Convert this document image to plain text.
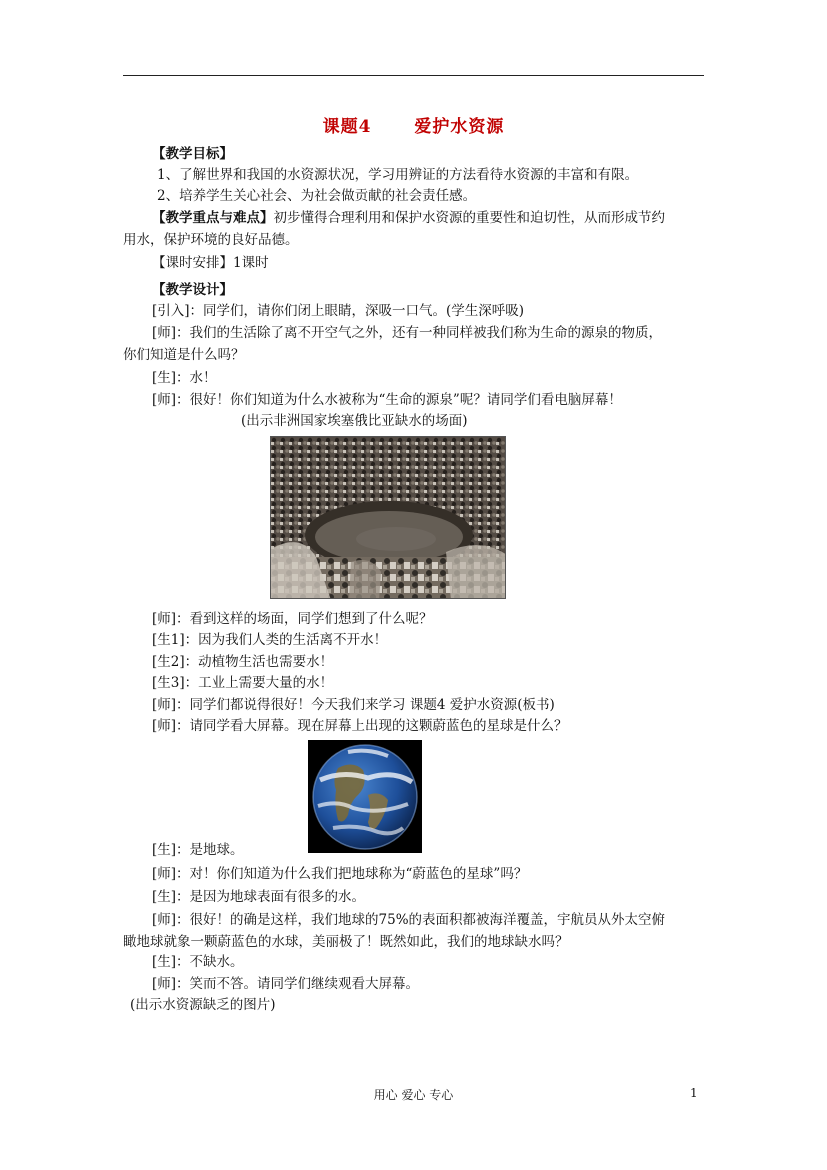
课题4	爱护水资源
【教学目标】
1、了解世界和我国的水资源状况，学习用辨证的方法看待水资源的丰富和有限。
2、培养学生关心社会、为社会做贡献的社会责任感。
【教学重点与难点】初步懂得合理利用和保护水资源的重要性和迫切性，从而形成节约
用水，保护环境的良好品德。
【课时安排】1课时
【教学设计】
[引入]：同学们，请你们闭上眼睛，深吸一口气。(学生深呼吸)
[师]：我们的生活除了离不开空气之外，还有一种同样被我们称为生命的源泉的物质，
你们知道是什么吗？
[生]：水！
[师]：很好！你们知道为什么水被称为“生命的源泉”呢？请同学们看电脑屏幕！
(出示非洲国家埃塞俄比亚缺水的场面)
[师]：看到这样的场面，同学们想到了什么呢？
[生1]：因为我们人类的生活离不开水！
[生2]：动植物生活也需要水！
[生3]：工业上需要大量的水！
[师]：同学们都说得很好！今天我们来学习 课题4 爱护水资源(板书)
[师]：请同学看大屏幕。现在屏幕上出现的这颗蔚蓝色的星球是什么？
[生]：是地球。
[师]：对！你们知道为什么我们把地球称为“蔚蓝色的星球”吗？
[生]：是因为地球表面有很多的水。
[师]：很好！的确是这样，我们地球的75%的表面积都被海洋覆盖，宇航员从外太空俯
瞰地球就象一颗蔚蓝色的水球，美丽极了！既然如此，我们的地球缺水吗？
[生]：不缺水。
[师]：笑而不答。请同学们继续观看大屏幕。
(出示水资源缺乏的图片)
用心 爱心 专心	1
